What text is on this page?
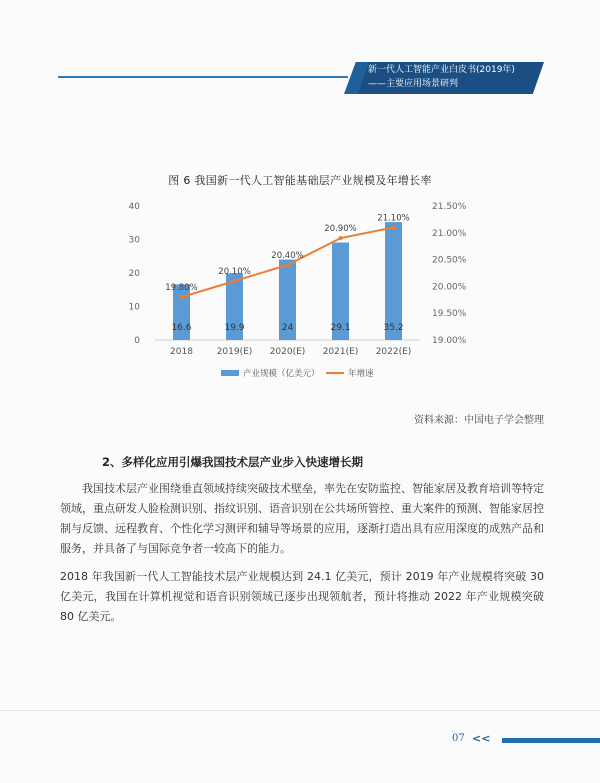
新一代人工智能产业白皮书(2019年)
——主要应用场景研判
图 6 我国新一代人工智能基础层产业规模及年增长率
0
10
20
30
40
19.00%
19.50%
20.00%
20.50%
21.00%
21.50%
16.6	19.9	24	29.1	35.2
19.80%
20.10%
20.40%
20.90%
21.10%
2018	2019(E) 2020(E) 2021(E) 2022(E)
产业规模（亿美元）	年增速
资料来源：中国电子学会整理
2、多样化应用引爆我国技术层产业步入快速增长期
我国技术层产业围绕垂直领域持续突破技术壁垒，率先在安防监控、智能家居及教育培训等特定领域，重点研发人脸检测识别、指纹识别、语音识别在公共场所管控、重大案件的预测、智能家居控制与反馈、远程教育、个性化学习测评和辅导等场景的应用，逐渐打造出具有应用深度的成熟产品和服务，并具备了与国际竞争者一较高下的能力。
2018 年我国新一代人工智能技术层产业规模达到 24.1 亿美元，预计 2019 年产业规模将突破 30 亿美元，我国在计算机视觉和语音识别领域已逐步出现领航者，预计将推动 2022 年产业规模突破 80 亿美元。
07 <<
